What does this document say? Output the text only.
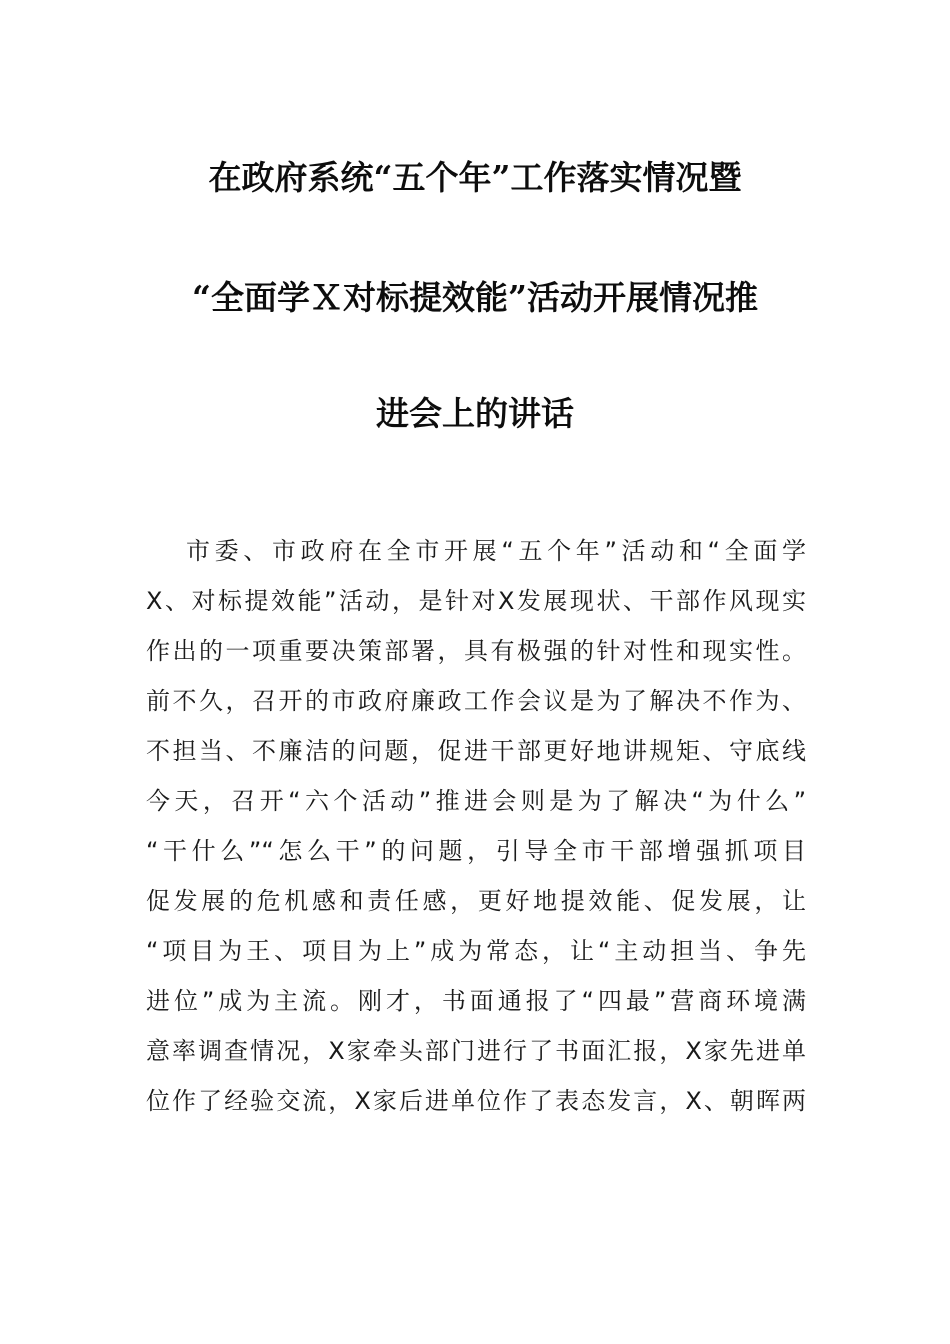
在政府系统“五个年”工作落实情况暨
“全面学Ｘ对标提效能”活动开展情况推
进会上的讲话
市委、市政府在全市开展“五个年”活动和“全面学
X、对标提效能”活动，是针对X发展现状、干部作风现实
作出的一项重要决策部署，具有极强的针对性和现实性。
前不久，召开的市政府廉政工作会议是为了解决不作为、
不担当、不廉洁的问题，促进干部更好地讲规矩、守底线
今天，召开“六个活动”推进会则是为了解决“为什么”
“干什么”“怎么干”的问题，引导全市干部增强抓项目
促发展的危机感和责任感，更好地提效能、促发展，让
“项目为王、项目为上”成为常态，让“主动担当、争先
进位”成为主流。刚才，书面通报了“四最”营商环境满
意率调查情况，X家牵头部门进行了书面汇报，X家先进单
位作了经验交流，X家后进单位作了表态发言，X、朝晖两
